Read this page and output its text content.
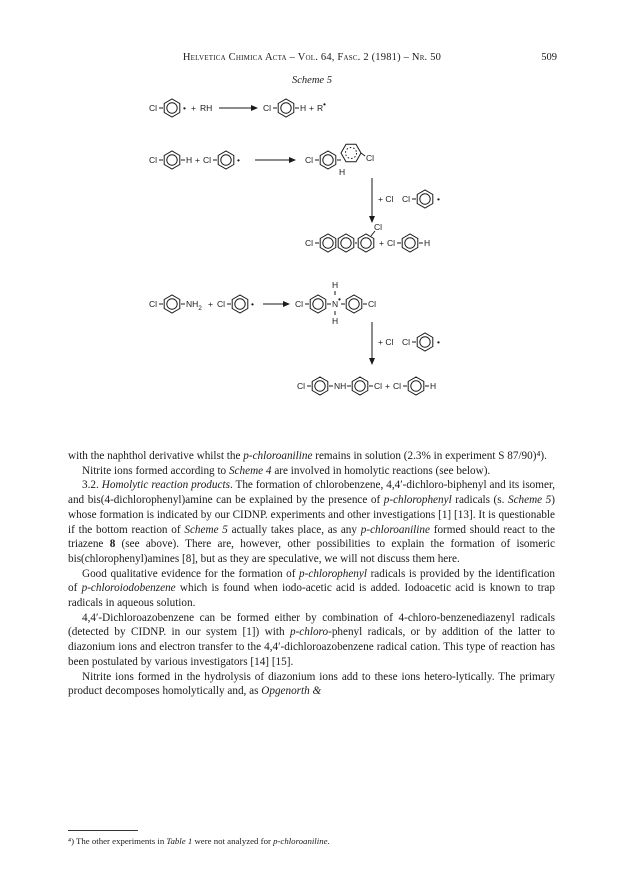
Helvetica Chimica Acta – Vol. 64, Fasc. 2 (1981) – Nr. 50	509
Scheme 5
Cl	• + RH	Cl	H + R •
Cl	H + Cl	•	Cl	Cl
H
+ Cl Cl	•
Cl
Cl
+ Cl	H
Cl	$NH_2 + Cl$	•	Cl	N •
H
H
Cl
+ Cl Cl	•
Cl	NH	Cl + Cl	H

with the naphthol derivative whilst the p-chloroaniline remains in solution (2.3% in experiment S 87/90)⁴).

Nitrite ions formed according to Scheme 4 are involved in homolytic reactions (see below).

3.2. Homolytic reaction products. The formation of chlorobenzene, 4,4′-dichloro-biphenyl and its isomer, and bis(4-dichlorophenyl)amine can be explained by the presence of p-chlorophenyl radicals (s. Scheme 5) whose formation is indicated by our CIDNP. experiments and other investigations [1] [13]. It is questionable if the bottom reaction of Scheme 5 actually takes place, as any p-chloroaniline formed should react to the triazene 8 (see above). There are, however, other possibilities to explain the formation of isomeric bis(chlorophenyl)amines [8], but as they are speculative, we will not discuss them here.

Good qualitative evidence for the formation of p-chlorophenyl radicals is provided by the identification of p-chloroiodobenzene which is found when iodo-acetic acid is added. Iodoacetic acid is known to trap radicals in aqueous solution.

4,4′-Dichloroazobenzene can be formed either by combination of 4-chloro-benzenediazenyl radicals (detected by CIDNP. in our system [1]) with p-chloro-phenyl radicals, or by addition of the latter to diazonium ions and electron transfer to the 4,4′-dichloroazobenzene radical cation. This type of reaction has been postulated by various investigators [14] [15].

Nitrite ions formed in the hydrolysis of diazonium ions add to these ions hetero-lytically. The primary product decomposes homolytically and, as Opgenorth &

⁴) The other experiments in Table 1 were not analyzed for p-chloroaniline.
